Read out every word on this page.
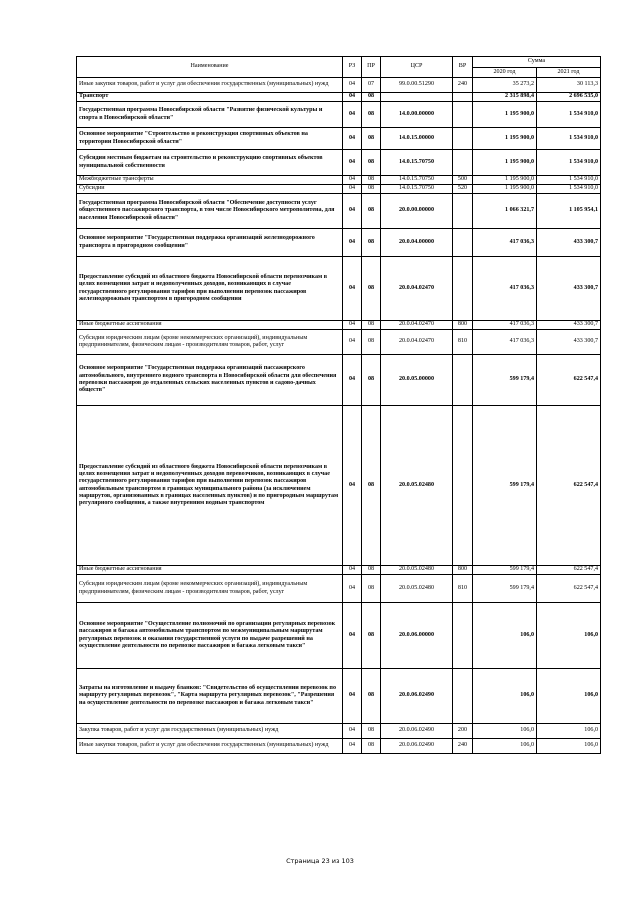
Наименование	РЗ	ПР	ЦСР	ВР	Сумма	
					2020 год	2021 год
Иные закупки товаров, работ и услуг для обеспечения государственных (муниципальных) нужд	04	07	99.0.00.51290	240	35 273,2	30 113,3
Транспорт	04	08			2 315 898,4	2 696 535,0
Государственная программа Новосибирской области "Развитие физической культуры и спорта в Новосибирской области"	04	08	14.0.00.00000		1 195 900,0	1 534 910,0
Основное мероприятие "Строительство и реконструкция спортивных объектов на территории Новосибирской области"	04	08	14.0.15.00000		1 195 900,0	1 534 910,0
Субсидии местным бюджетам на строительство и реконструкцию спортивных объектов муниципальной собственности	04	08	14.0.15.70750		1 195 900,0	1 534 910,0
Межбюджетные трансферты	04	08	14.0.15.70750	500	1 195 900,0	1 534 910,0
Субсидии	04	08	14.0.15.70750	520	1 195 900,0	1 534 910,0
Государственная программа Новосибирской области "Обеспечение доступности услуг общественного пассажирского транспорта, в том числе Новосибирского метрополитена, для населения Новосибирской области"	04	08	20.0.00.00000		1 066 321,7	1 105 954,1
Основное мероприятие "Государственная поддержка организаций железнодорожного транспорта в пригородном сообщении"	04	08	20.0.04.00000		417 036,3	433 300,7
Предоставление субсидий из областного бюджета Новосибирской области перевозчикам в целях возмещения затрат и недополученных доходов, возникающих в случае государственного регулирования тарифов при выполнении перевозок пассажиров железнодорожным транспортом в пригородном сообщении	04	08	20.0.04.02470		417 036,3	433 300,7
Иные бюджетные ассигнования	04	08	20.0.04.02470	800	417 036,3	433 300,7
Субсидии юридическим лицам (кроме некоммерческих организаций), индивидуальным предпринимателям, физическим лицам - производителям товаров, работ, услуг	04	08	20.0.04.02470	810	417 036,3	433 300,7
Основное мероприятие "Государственная поддержка организаций пассажирского автомобильного, внутреннего водного транспорта в Новосибирской области для обеспечения перевозки пассажиров до отдаленных сельских населенных пунктов и садово-дачных обществ"	04	08	20.0.05.00000		599 179,4	622 547,4
Предоставление субсидий из областного бюджета Новосибирской области перевозчикам в целях возмещения затрат и недополученных доходов перевозчиков, возникающих в случае государственного регулирования тарифов при выполнении перевозок пассажиров автомобильным транспортом в границах муниципального района (за исключением маршрутов, организованных в границах населенных пунктов) и по пригородным маршрутам регулярного сообщения, а также внутренним водным транспортом	04	08	20.0.05.02480		599 179,4	622 547,4
Иные бюджетные ассигнования	04	08	20.0.05.02480	800	599 179,4	622 547,4
Субсидии юридическим лицам (кроме некоммерческих организаций), индивидуальным предпринимателям, физическим лицам - производителям товаров, работ, услуг	04	08	20.0.05.02480	810	599 179,4	622 547,4
Основное мероприятие "Осуществление полномочий по организации регулярных перевозок пассажиров и багажа автомобильным транспортом по межмуниципальным маршрутам регулярных перевозок и оказания государственной услуги по выдаче разрешений на осуществление деятельности по перевозке пассажиров и багажа легковым такси"	04	08	20.0.06.00000		106,0	106,0
Затраты на изготовление и выдачу бланков: "Свидетельство об осуществлении перевозок по маршруту регулярных перевозок", "Карта маршрута регулярных перевозок", "Разрешения на осуществление деятельности по перевозке пассажиров и багажа легковым такси"	04	08	20.0.06.02490		106,0	106,0
Закупка товаров, работ и услуг для государственных (муниципальных) нужд	04	08	20.0.06.02490	200	106,0	106,0
Иные закупки товаров, работ и услуг для обеспечения государственных (муниципальных) нужд	04	08	20.0.06.02490	240	106,0	106,0
Страница 23 из 103
